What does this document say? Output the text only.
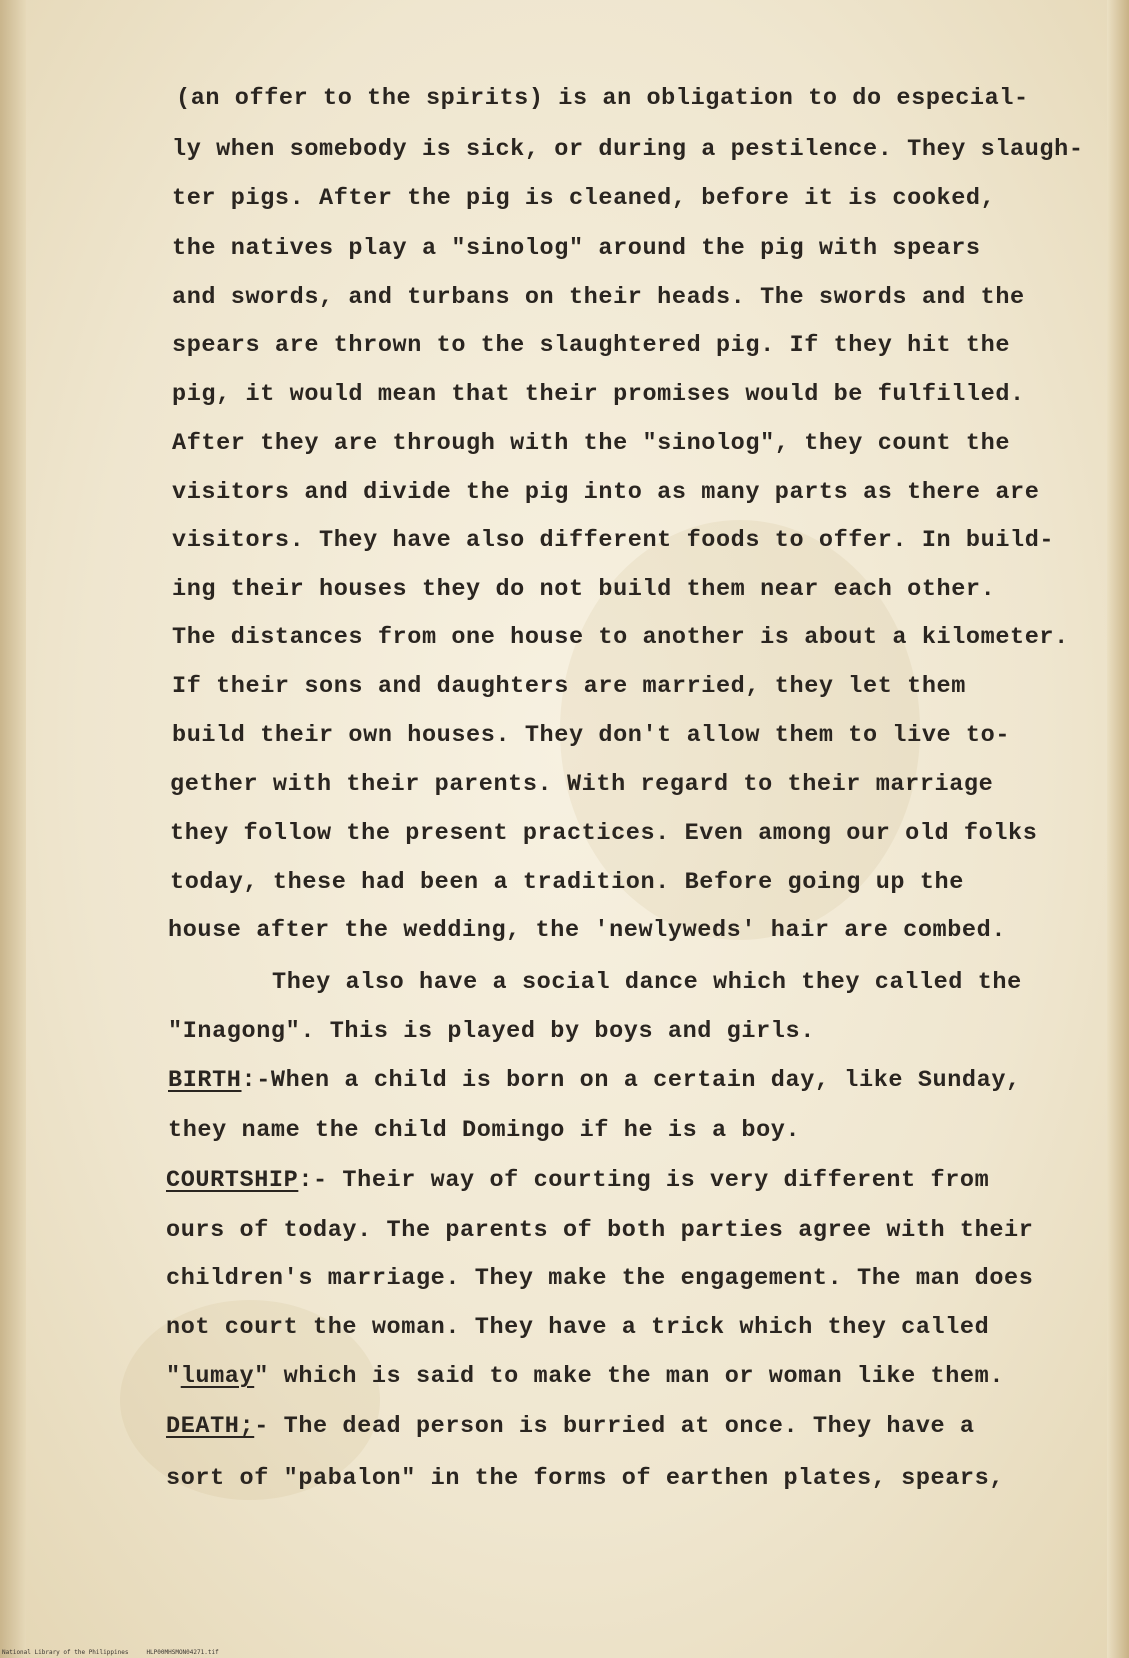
(an offer to the spirits) is an obligation to do especial-
ly when somebody is sick, or during a pestilence. They slaugh-
ter pigs. After the pig is cleaned, before it is cooked,
the natives play a "sinolog" around the pig with spears
and swords, and turbans on their heads. The swords and the
spears are thrown to the slaughtered pig. If they hit the
pig, it would mean that their promises would be fulfilled.
After they are through with the "sinolog", they count the
visitors and divide the pig into as many parts as there are
visitors. They have also different foods to offer. In build-
ing their houses they do not build them near each other.
The distances from one house to another is about a kilometer.
If their sons and daughters are married, they let them
build their own houses. They don't allow them to live to-
gether with their parents. With regard to their marriage
they follow the present practices. Even among our old folks
today, these had been a tradition. Before going up the
house after the wedding, the 'newlyweds' hair are combed.
They also have a social dance which they called the
"Inagong". This is played by boys and girls.
BIRTH:-When a child is born on a certain day, like Sunday,
they name the child Domingo if he is a boy.
COURTSHIP:- Their way of courting is very different from
ours of today. The parents of both parties agree with their
children's marriage. They make the engagement. The man does
not court the woman. They have a trick which they called
"lumay" which is said to make the man or woman like them.
DEATH;- The dead person is burried at once. They have a
sort of "pabalon" in the forms of earthen plates, spears,
National Library of the Philippines	HLP00MHSMON04271.tif
